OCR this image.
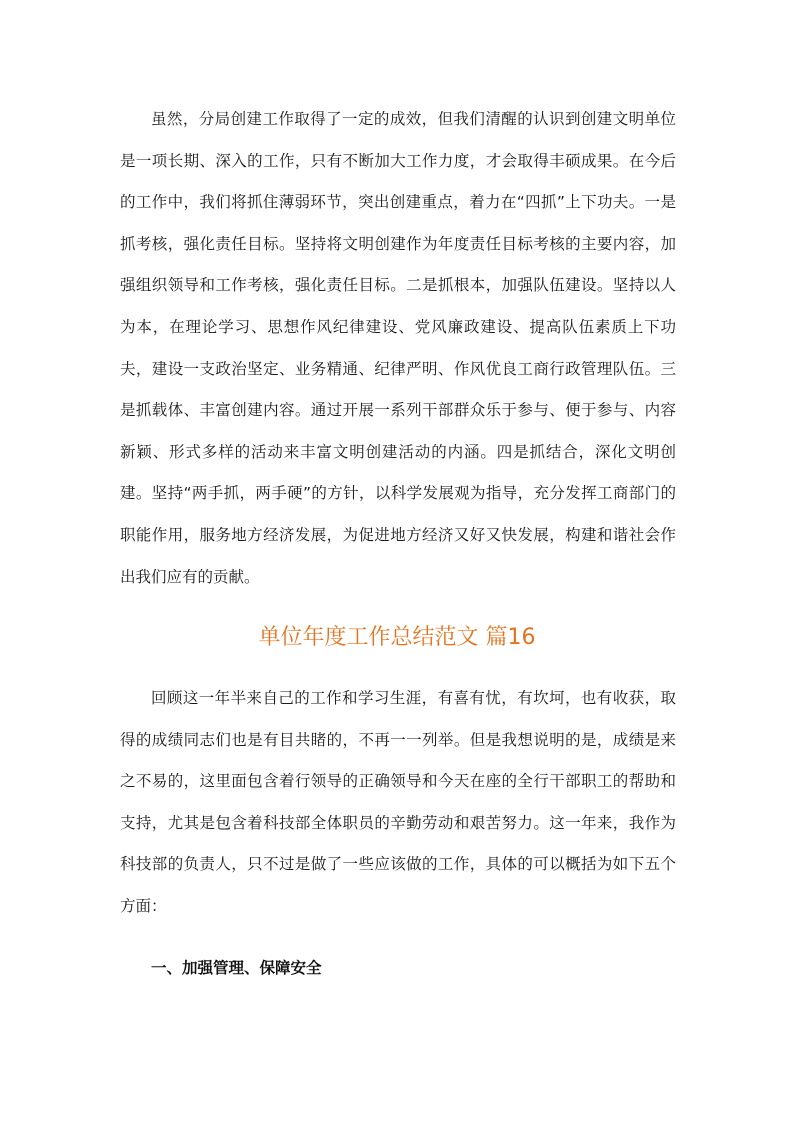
虽然，分局创建工作取得了一定的成效，但我们清醒的认识到创建文明单位是一项长期、深入的工作，只有不断加大工作力度，才会取得丰硕成果。在今后的工作中，我们将抓住薄弱环节，突出创建重点，着力在“四抓”上下功夫。一是抓考核，强化责任目标。坚持将文明创建作为年度责任目标考核的主要内容，加强组织领导和工作考核，强化责任目标。二是抓根本，加强队伍建设。坚持以人为本，在理论学习、思想作风纪律建设、党风廉政建设、提高队伍素质上下功夫，建设一支政治坚定、业务精通、纪律严明、作风优良工商行政管理队伍。三是抓载体、丰富创建内容。通过开展一系列干部群众乐于参与、便于参与、内容新颖、形式多样的活动来丰富文明创建活动的内涵。四是抓结合，深化文明创建。坚持“两手抓，两手硬”的方针，以科学发展观为指导，充分发挥工商部门的职能作用，服务地方经济发展，为促进地方经济又好又快发展，构建和谐社会作出我们应有的贡献。

单位年度工作总结范文 篇16

回顾这一年半来自己的工作和学习生涯，有喜有忧，有坎坷，也有收获，取得的成绩同志们也是有目共睹的，不再一一列举。但是我想说明的是，成绩是来之不易的，这里面包含着行领导的正确领导和今天在座的全行干部职工的帮助和支持，尤其是包含着科技部全体职员的辛勤劳动和艰苦努力。这一年来，我作为科技部的负责人，只不过是做了一些应该做的工作，具体的可以概括为如下五个方面：

一、加强管理、保障安全
